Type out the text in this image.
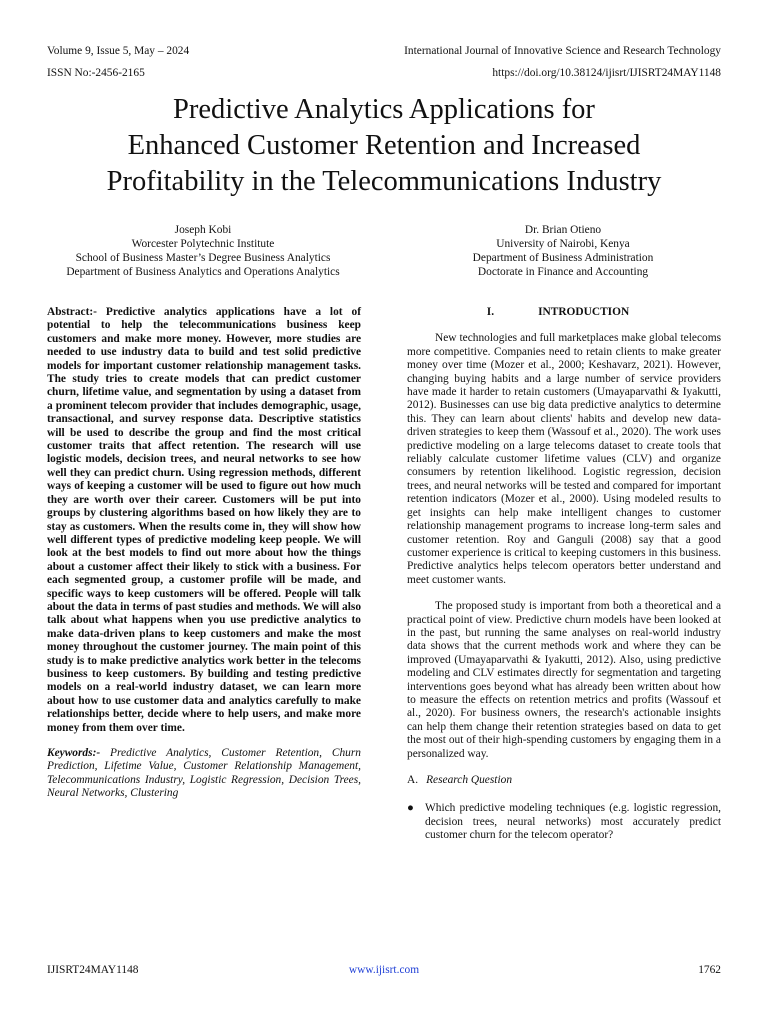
Volume 9, Issue 5, May – 2024	International Journal of Innovative Science and Research Technology
ISSN No:-2456-2165	https://doi.org/10.38124/ijisrt/IJISRT24MAY1148
Predictive Analytics Applications for
Enhanced Customer Retention and Increased
Profitability in the Telecommunications Industry
Joseph Kobi
Worcester Polytechnic Institute
School of Business Master’s Degree Business Analytics
Department of Business Analytics and Operations Analytics
Dr. Brian Otieno
University of Nairobi, Kenya
Department of Business Administration
Doctorate in Finance and Accounting

Abstract:- Predictive analytics applications have a lot of potential to help the telecommunications business keep customers and make more money. However, more studies are needed to use industry data to build and test solid predictive models for important customer relationship management tasks. The study tries to create models that can predict customer churn, lifetime value, and segmentation by using a dataset from a prominent telecom provider that includes demographic, usage, transactional, and survey response data. Descriptive statistics will be used to describe the group and find the most critical customer traits that affect retention. The research will use logistic models, decision trees, and neural networks to see how well they can predict churn. Using regression methods, different ways of keeping a customer will be used to figure out how much they are worth over their career. Customers will be put into groups by clustering algorithms based on how likely they are to stay as customers. When the results come in, they will show how well different types of predictive modeling keep people. We will look at the best models to find out more about how the things about a customer affect their likely to stick with a business. For each segmented group, a customer profile will be made, and specific ways to keep customers will be offered. People will talk about the data in terms of past studies and methods. We will also talk about what happens when you use predictive analytics to make data-driven plans to keep customers and make the most money throughout the customer journey. The main point of this study is to make predictive analytics work better in the telecoms business to keep customers. By building and testing predictive models on a real-world industry dataset, we can learn more about how to use customer data and analytics carefully to make relationships better, decide where to help users, and make more money from them over time.

Keywords:- Predictive Analytics, Customer Retention, Churn Prediction, Lifetime Value, Customer Relationship Management, Telecommunications Industry, Logistic Regression, Decision Trees, Neural Networks, Clustering

I.	INTRODUCTION

New technologies and full marketplaces make global telecoms more competitive. Companies need to retain clients to make greater money over time (Mozer et al., 2000; Keshavarz, 2021). However, changing buying habits and a large number of service providers have made it harder to retain customers (Umayaparvathi & Iyakutti, 2012). Businesses can use big data predictive analytics to determine this. They can learn about clients' habits and develop new data-driven strategies to keep them (Wassouf et al., 2020). The work uses predictive modeling on a large telecoms dataset to create tools that reliably calculate customer lifetime values (CLV) and organize consumers by retention likelihood. Logistic regression, decision trees, and neural networks will be tested and compared for important retention indicators (Mozer et al., 2000). Using modeled results to get insights can help make intelligent changes to customer relationship management programs to increase long-term sales and customer retention. Roy and Ganguli (2008) say that a good customer experience is critical to keeping customers in this business. Predictive analytics helps telecom operators better understand and meet customer wants.

The proposed study is important from both a theoretical and a practical point of view. Predictive churn models have been looked at in the past, but running the same analyses on real-world industry data shows that the current methods work and where they can be improved (Umayaparvathi & Iyakutti, 2012). Also, using predictive modeling and CLV estimates directly for segmentation and targeting interventions goes beyond what has already been written about how to measure the effects on retention metrics and profits (Wassouf et al., 2020). For business owners, the research's actionable insights can help them change their retention strategies based on data to get the most out of their high-spending customers by engaging them in a personalized way.

A. Research Question
● Which predictive modeling techniques (e.g. logistic regression, decision trees, neural networks) most accurately predict customer churn for the telecom operator?
IJISRT24MAY1148	www.ijisrt.com	1762
